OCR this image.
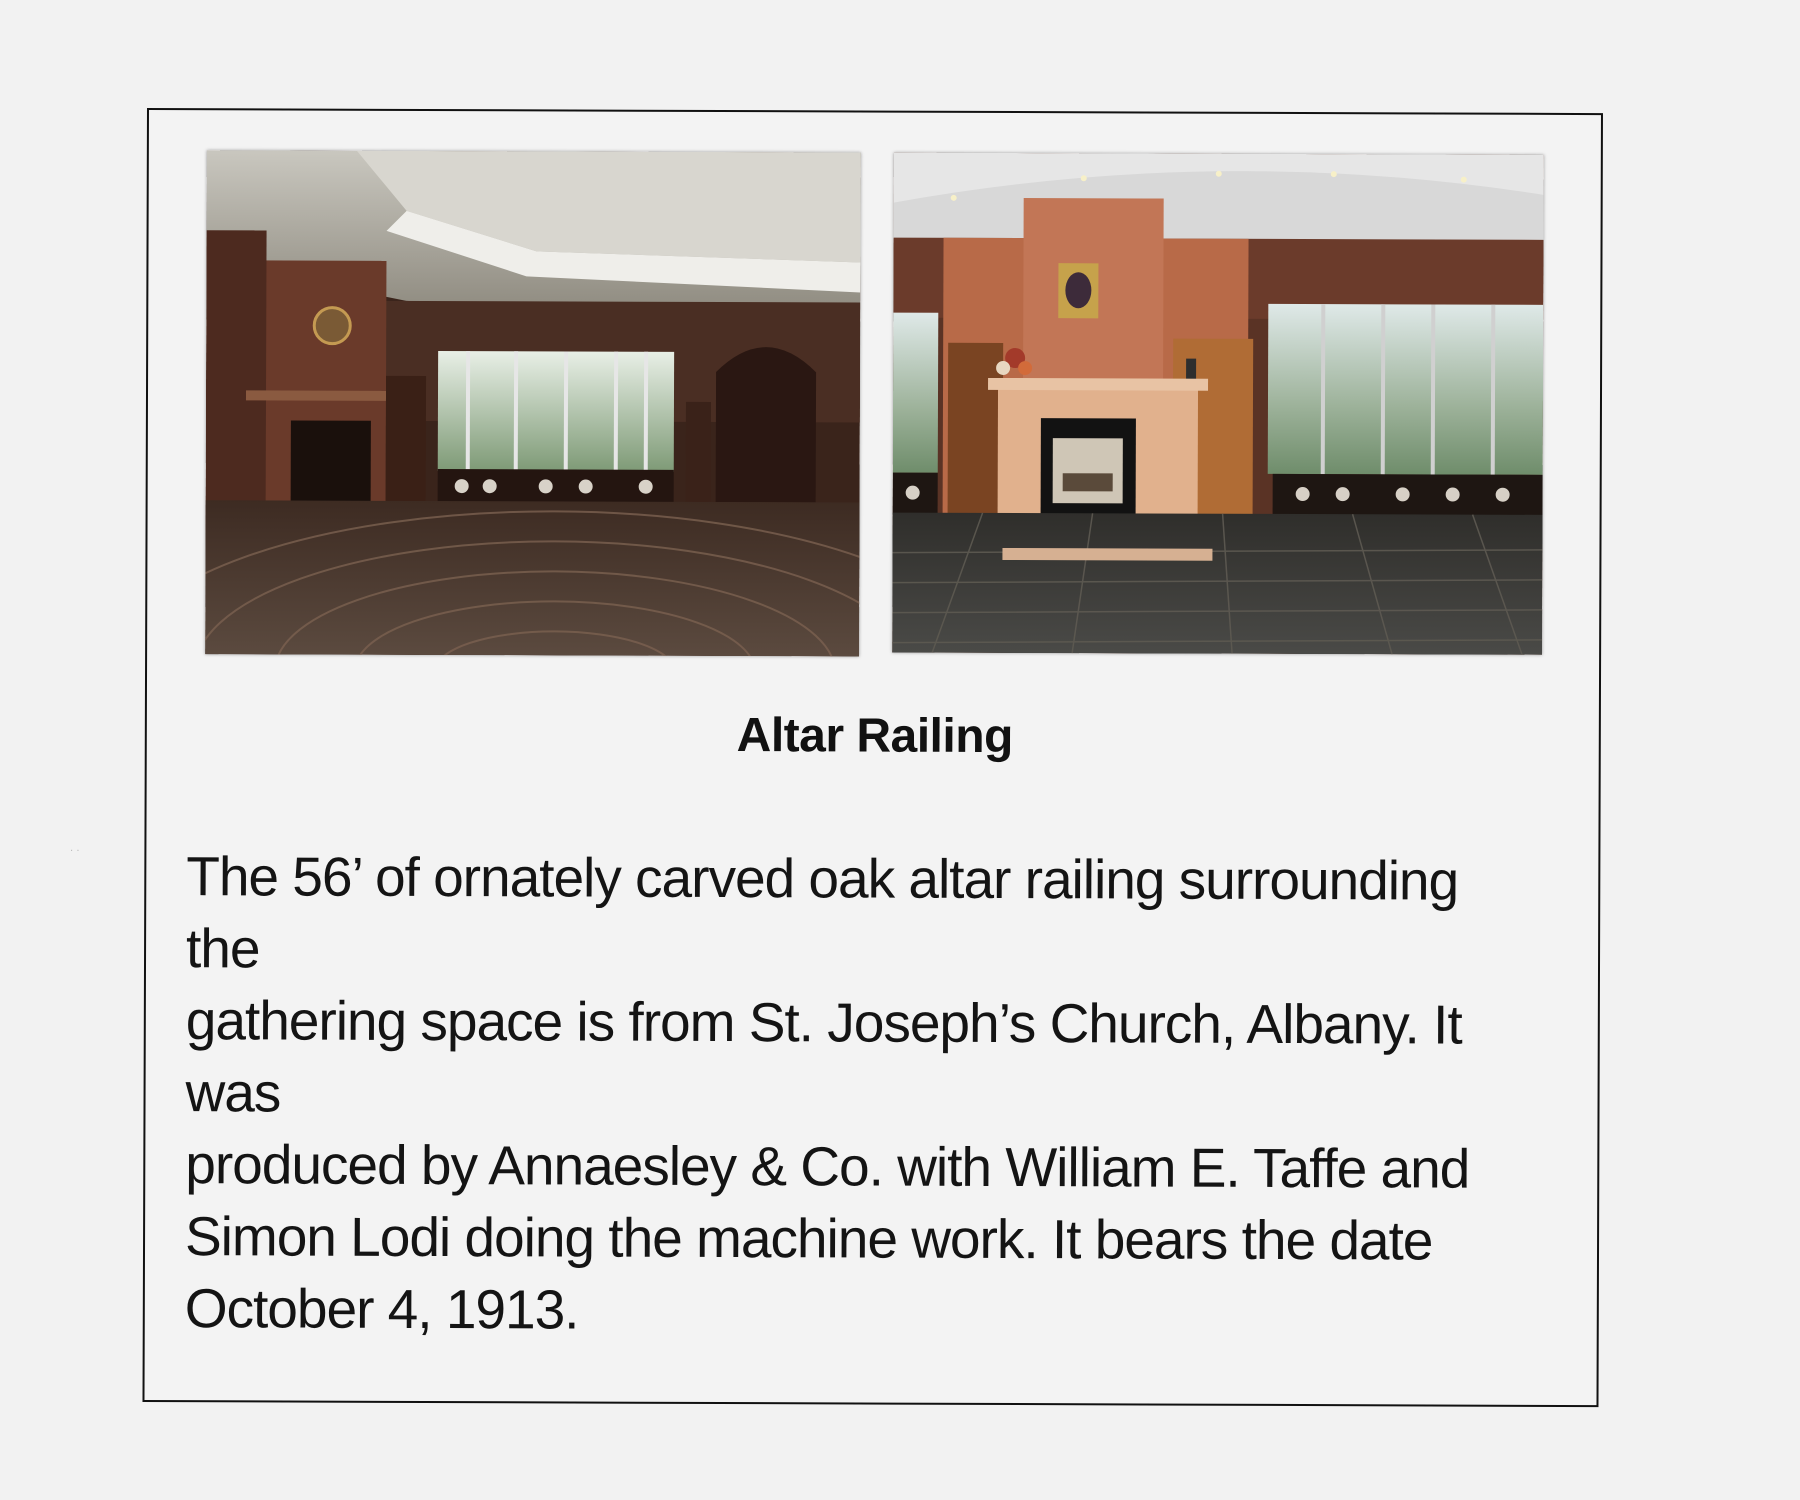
· ·
Altar Railing
The 56’ of ornately carved oak altar railing surrounding the
gathering space is from St. Joseph’s Church, Albany. It was
produced by Annaesley & Co. with William E. Taffe and
Simon Lodi doing the machine work. It bears the date
October 4, 1913.
